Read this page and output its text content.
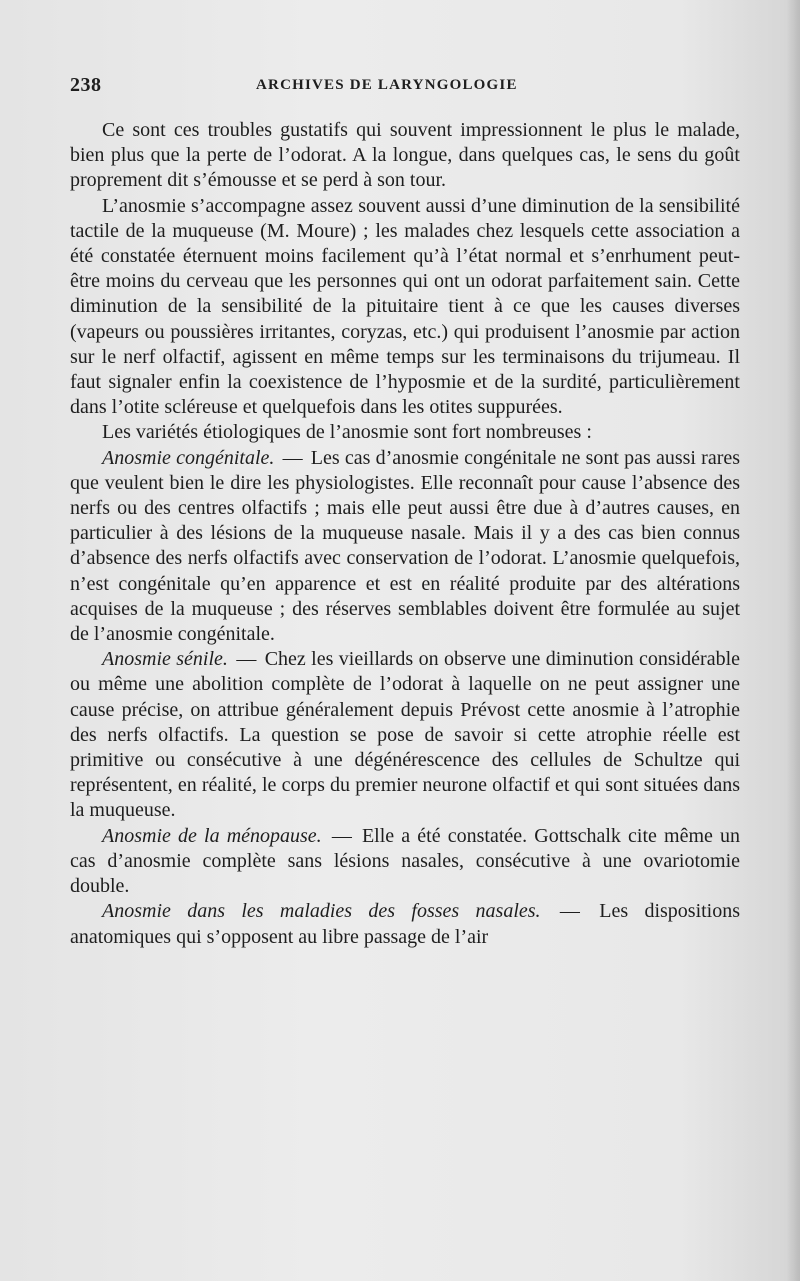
238	ARCHIVES DE LARYNGOLOGIE

Ce sont ces troubles gustatifs qui souvent impressionnent le plus le malade, bien plus que la perte de l’odorat. A la longue, dans quelques cas, le sens du goût proprement dit s’émousse et se perd à son tour.

L’anosmie s’accompagne assez souvent aussi d’une diminution de la sensibilité tactile de la muqueuse (M. Moure) ; les malades chez lesquels cette association a été constatée éternuent moins facilement qu’à l’état normal et s’enrhument peut-être moins du cerveau que les personnes qui ont un odorat parfaitement sain. Cette diminution de la sensibilité de la pituitaire tient à ce que les causes diverses (vapeurs ou poussières irritantes, coryzas, etc.) qui produisent l’anosmie par action sur le nerf olfactif, agissent en même temps sur les terminaisons du trijumeau. Il faut signaler enfin la coexistence de l’hyposmie et de la surdité, particulièrement dans l’otite scléreuse et quelquefois dans les otites suppurées.

Les variétés étiologiques de l’anosmie sont fort nombreuses :

Anosmie congénitale. — Les cas d’anosmie congénitale ne sont pas aussi rares que veulent bien le dire les physiologistes. Elle reconnaît pour cause l’absence des nerfs ou des centres olfactifs ; mais elle peut aussi être due à d’autres causes, en particulier à des lésions de la muqueuse nasale. Mais il y a des cas bien connus d’absence des nerfs olfactifs avec conservation de l’odorat. L’anosmie quelquefois, n’est congénitale qu’en apparence et est en réalité produite par des altérations acquises de la muqueuse ; des réserves semblables doivent être formulée au sujet de l’anosmie congénitale.

Anosmie sénile. — Chez les vieillards on observe une diminution considérable ou même une abolition complète de l’odorat à laquelle on ne peut assigner une cause précise, on attribue généralement depuis Prévost cette anosmie à l’atrophie des nerfs olfactifs. La question se pose de savoir si cette atrophie réelle est primitive ou consécutive à une dégénérescence des cellules de Schultze qui représentent, en réalité, le corps du premier neurone olfactif et qui sont situées dans la muqueuse.

Anosmie de la ménopause. — Elle a été constatée. Gottschalk cite même un cas d’anosmie complète sans lésions nasales, consécutive à une ovariotomie double.

Anosmie dans les maladies des fosses nasales. — Les dispositions anatomiques qui s’opposent au libre passage de l’air
